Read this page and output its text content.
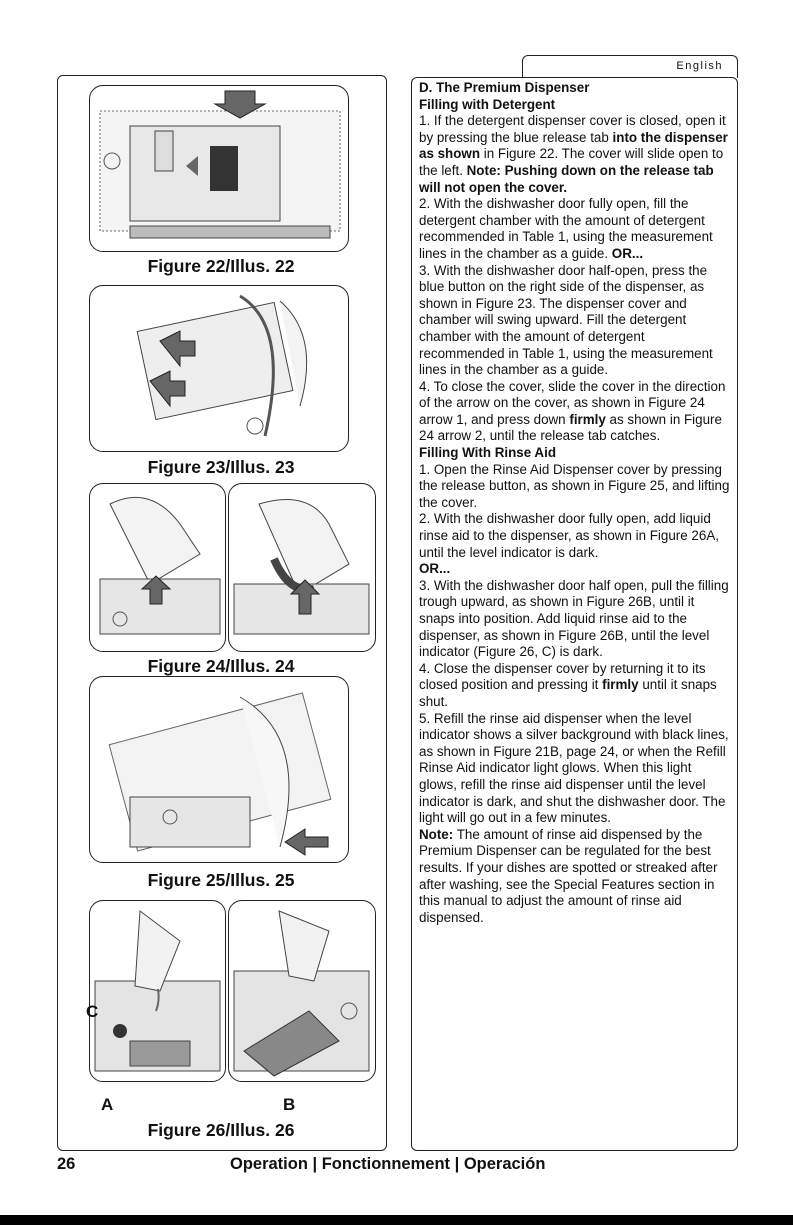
English
Figure 22/Illus. 22
Figure 23/Illus. 23
Figure 24/Illus. 24
Figure 25/Illus. 25
A
C
B
Figure 26/Illus. 26

D. The Premium Dispenser

Filling with Detergent

1. If the detergent dispenser cover is closed, open it by pressing the blue release tab into the dispenser as shown in Figure 22. The cover will slide open to the left. Note: Pushing down on the release tab will not open the cover.

2. With the dishwasher door fully open, fill the detergent chamber with the amount of detergent recommended in Table 1, using the measurement lines in the chamber as a guide. OR...

3. With the dishwasher door half-open, press the blue button on the right side of the dispenser, as shown in Figure 23. The dispenser cover and chamber will swing upward. Fill the detergent chamber with the amount of detergent recommended in Table 1, using the measurement lines in the chamber as a guide.

4. To close the cover, slide the cover in the direction of the arrow on the cover, as shown in Figure 24 arrow 1, and press down firmly as shown in Figure 24 arrow 2, until the release tab catches.

Filling With Rinse Aid

1. Open the Rinse Aid Dispenser cover by pressing the release button, as shown in Figure 25, and lifting the cover.

2. With the dishwasher door fully open, add liquid rinse aid to the dispenser, as shown in Figure 26A, until the level indicator is dark.

OR...

3. With the dishwasher door half open, pull the filling trough upward, as shown in Figure 26B, until it snaps into position. Add liquid rinse aid to the dispenser, as shown in Figure 26B, until the level indicator (Figure 26, C) is dark.

4. Close the dispenser cover by returning it to its closed position and pressing it firmly until it snaps shut.

5. Refill the rinse aid dispenser when the level indicator shows a silver background with black lines, as shown in Figure 21B, page 24, or when the Refill Rinse Aid indicator light glows. When this light glows, refill the rinse aid dispenser until the level indicator is dark, and shut the dishwasher door. The light will go out in a few minutes.

Note: The amount of rinse aid dispensed by the Premium Dispenser can be regulated for the best results. If your dishes are spotted or streaked after after washing, see the Special Features section in this manual to adjust the amount of rinse aid dispensed.

26	Operation | Fonctionnement | Operación
